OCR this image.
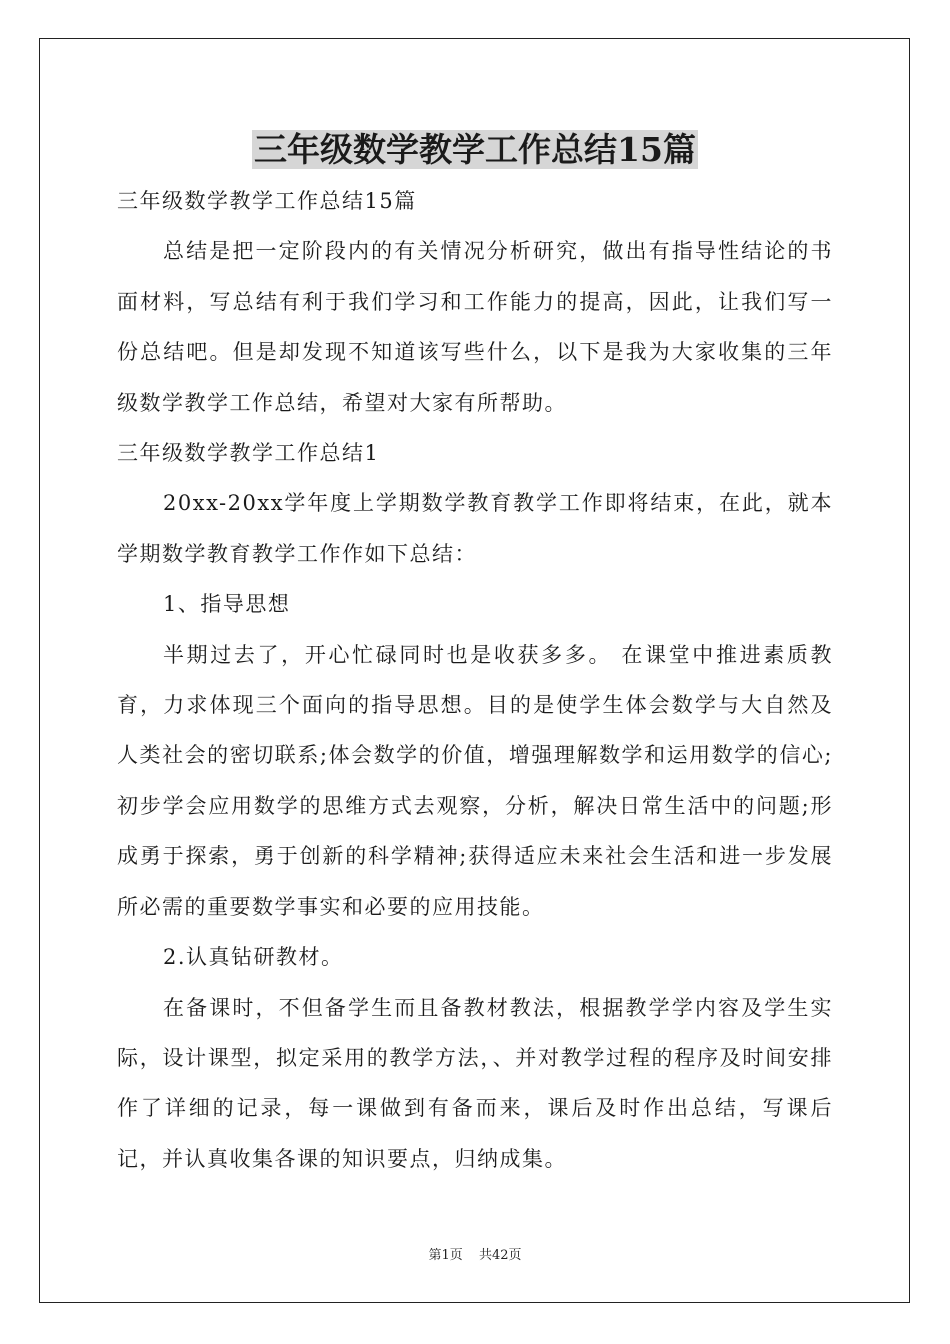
三年级数学教学工作总结15篇

三年级数学教学工作总结15篇

总结是把一定阶段内的有关情况分析研究，做出有指导性结论的书面材料，写总结有利于我们学习和工作能力的提高，因此，让我们写一份总结吧。但是却发现不知道该写些什么，以下是我为大家收集的三年级数学教学工作总结，希望对大家有所帮助。

三年级数学教学工作总结1

20xx-20xx学年度上学期数学教育教学工作即将结束，在此，就本学期数学教育教学工作作如下总结：

1、指导思想

半期过去了，开心忙碌同时也是收获多多。 在课堂中推进素质教育，力求体现三个面向的指导思想。目的是使学生体会数学与大自然及人类社会的密切联系;体会数学的价值，增强理解数学和运用数学的信心;初步学会应用数学的思维方式去观察，分析，解决日常生活中的问题;形成勇于探索，勇于创新的科学精神;获得适应未来社会生活和进一步发展所必需的重要数学事实和必要的应用技能。

2.认真钻研教材。

在备课时，不但备学生而且备教材教法，根据教学学内容及学生实际，设计课型，拟定采用的教学方法，、并对教学过程的程序及时间安排作了详细的记录，每一课做到有备而来，课后及时作出总结，写课后记，并认真收集各课的知识要点，归纳成集。

第1页 共42页
